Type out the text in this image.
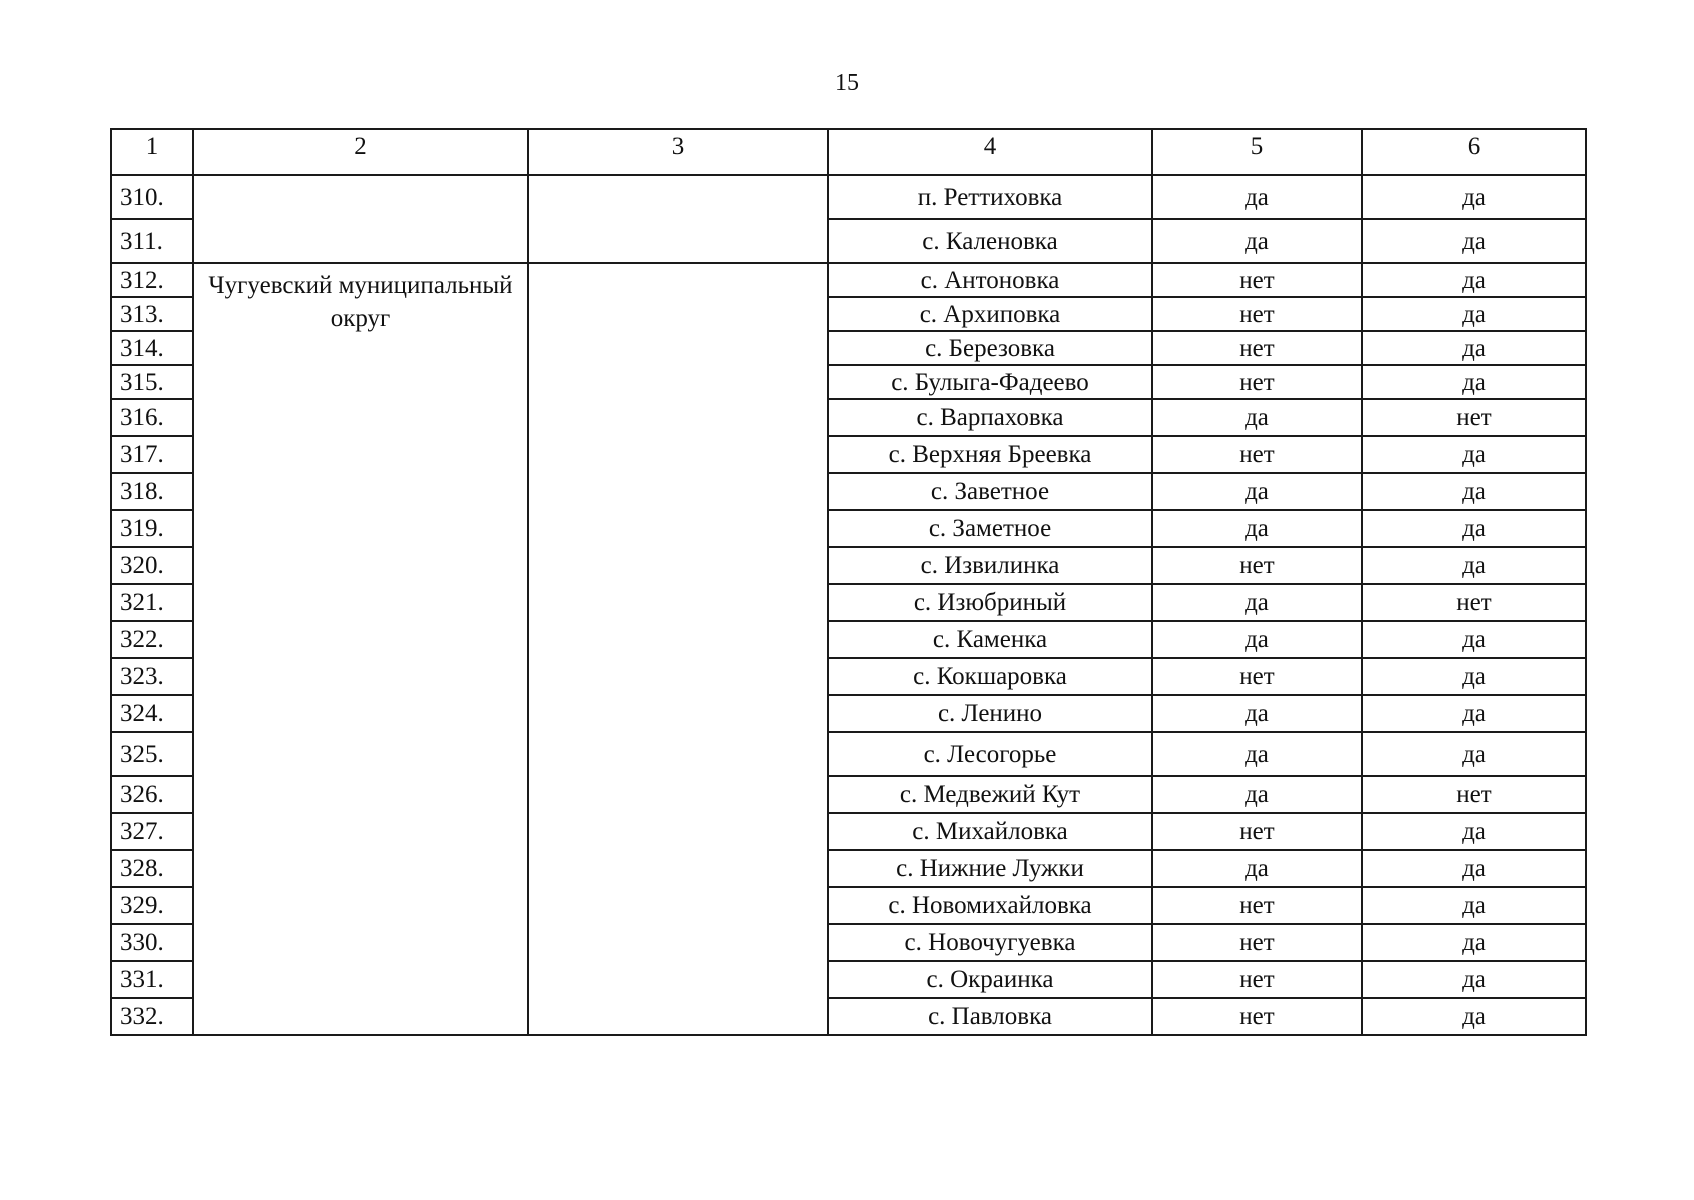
15
1	2	3	4	5	6
310.			п. Реттиховка	да	да
311.			с. Каленовка	да	да
312.	Чугуевский муниципальный округ		с. Антоновка	нет	да
313.			с. Архиповка	нет	да
314.			с. Березовка	нет	да
315.			с. Булыга-Фадеево	нет	да
316.			с. Варпаховка	да	нет
317.			с. Верхняя Бреевка	нет	да
318.			с. Заветное	да	да
319.			с. Заметное	да	да
320.			с. Извилинка	нет	да
321.			с. Изюбриный	да	нет
322.			с. Каменка	да	да
323.			с. Кокшаровка	нет	да
324.			с. Ленино	да	да
325.			с. Лесогорье	да	да
326.			с. Медвежий Кут	да	нет
327.			с. Михайловка	нет	да
328.			с. Нижние Лужки	да	да
329.			с. Новомихайловка	нет	да
330.			с. Новочугуевка	нет	да
331.			с. Окраинка	нет	да
332.			с. Павловка	нет	да
